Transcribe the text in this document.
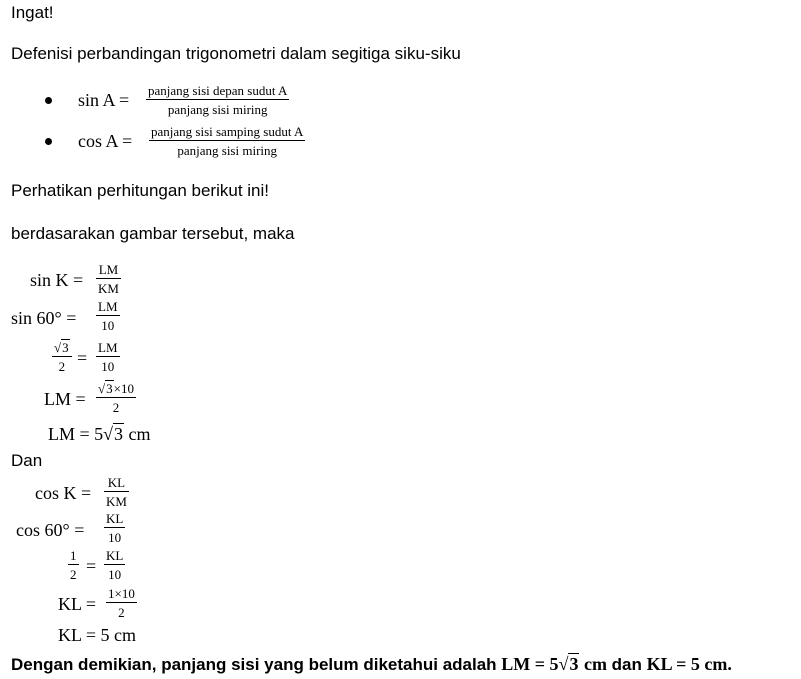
Ingat!
Defenisi perbandingan trigonometri dalam segitiga siku-siku
sin A = panjang sisi depan sudut A
panjang sisi miring
cos A = panjang sisi samping sudut A
panjang sisi miring
Perhatikan perhitungan berikut ini!
berdasarakan gambar tersebut, maka
sin K =
LM
KM
sin 60° =
LM
10
√3
2 =
LM
10
LM =
√3×10
2
LM = 5√3 cm
Dan
cos K =
KL
KM
cos 60° =
KL
10
1
2 =
KL
10
KL =
1×10
2
KL = 5 cm
Dengan demikian, panjang sisi yang belum diketahui adalah LM = 5√3 cm dan KL = 5 cm.
